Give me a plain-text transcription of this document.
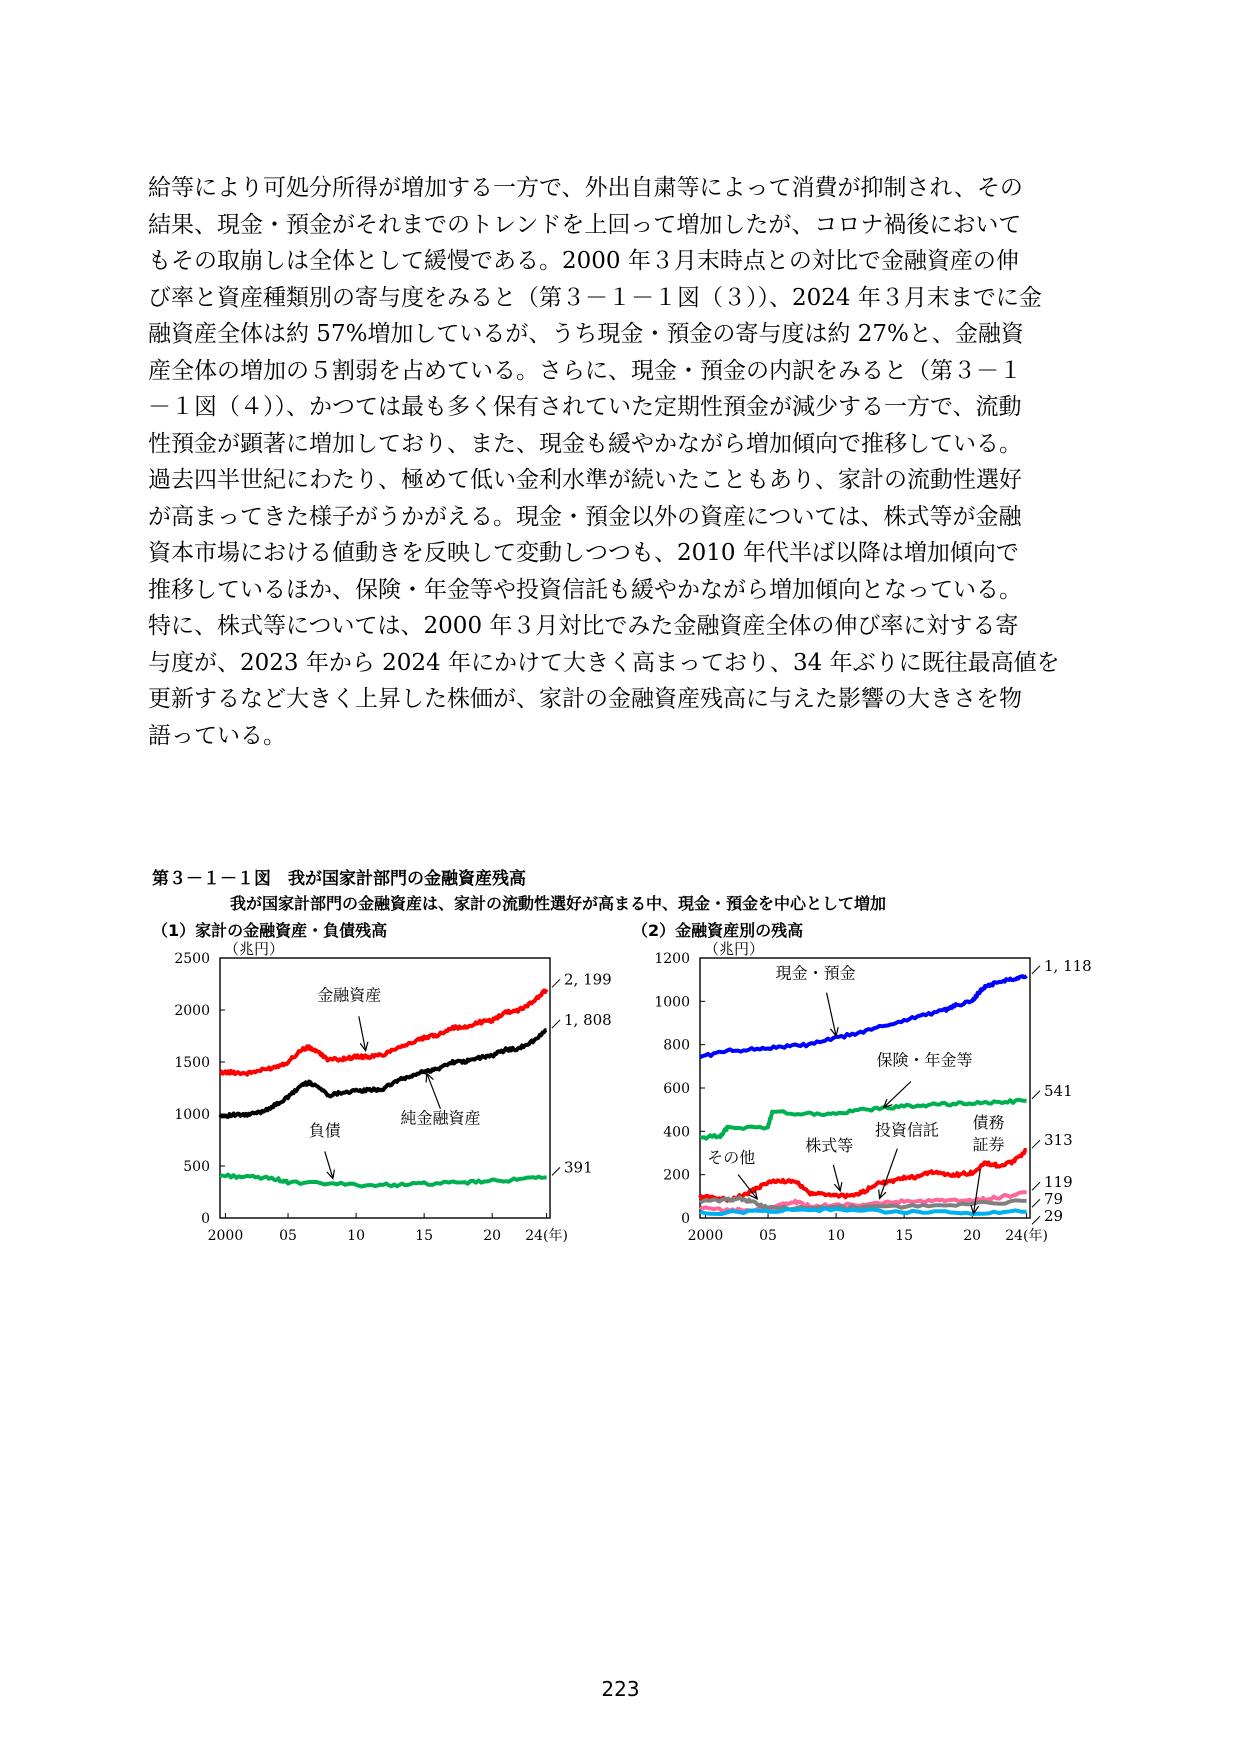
給等により可処分所得が増加する一方で、外出自粛等によって消費が抑制され、その
結果、現金・預金がそれまでのトレンドを上回って増加したが、コロナ禍後において
もその取崩しは全体として緩慢である。2000 年３月末時点との対比で金融資産の伸
び率と資産種類別の寄与度をみると（第３－１－１図（３））、2024 年３月末までに金
融資産全体は約 57%増加しているが、うち現金・預金の寄与度は約 27%と、金融資
産全体の増加の５割弱を占めている。さらに、現金・預金の内訳をみると（第３－１
－１図（４））、かつては最も多く保有されていた定期性預金が減少する一方で、流動
性預金が顕著に増加しており、また、現金も緩やかながら増加傾向で推移している。
過去四半世紀にわたり、極めて低い金利水準が続いたこともあり、家計の流動性選好
が高まってきた様子がうかがえる。現金・預金以外の資産については、株式等が金融
資本市場における値動きを反映して変動しつつも、2010 年代半ば以降は増加傾向で
推移しているほか、保険・年金等や投資信託も緩やかながら増加傾向となっている。
特に、株式等については、2000 年３月対比でみた金融資産全体の伸び率に対する寄
与度が、2023 年から 2024 年にかけて大きく高まっており、34 年ぶりに既往最高値を
更新するなど大きく上昇した株価が、家計の金融資産残高に与えた影響の大きさを物
語っている。
第３－１－１図　我が国家計部門の金融資産残高
我が国家計部門の金融資産は、家計の流動性選好が高まる中、現金・預金を中心として増加
（1）家計の金融資産・負債残高	（2）金融資産別の残高
（兆円）
0
500
1000
1500
2000
2500
2000	05	10	15	20 24(年)
2, 199
1, 808
391
金融資産
純金融資産
負債
（兆円）
0
200
400
600
800
1000
1200
2000	05	10	15	20 24(年)
1, 118
541
313
119
79
29
現金・預金
保険・年金等
投資信託 債務
証券
株式等
その他
223
